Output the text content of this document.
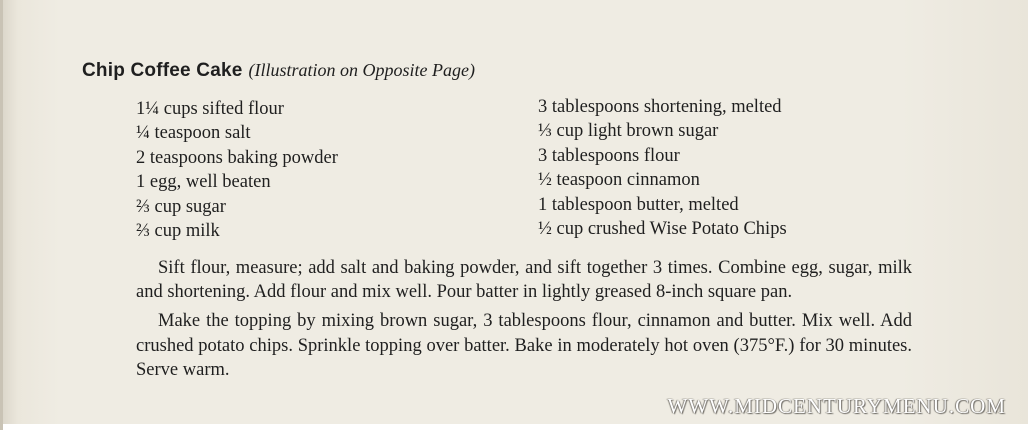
Chip Coffee Cake (Illustration on Opposite Page)
1¼ cups sifted flour
¼ teaspoon salt
2 teaspoons baking powder
1 egg, well beaten
⅔ cup sugar
⅔ cup milk
3 tablespoons shortening, melted
⅓ cup light brown sugar
3 tablespoons flour
½ teaspoon cinnamon
1 tablespoon butter, melted
½ cup crushed Wise Potato Chips

Sift flour, measure; add salt and baking powder, and sift together 3 times. Combine egg, sugar, milk and shortening. Add flour and mix well. Pour batter in lightly greased 8-inch square pan.

Make the topping by mixing brown sugar, 3 tablespoons flour, cinnamon and butter. Mix well. Add crushed potato chips. Sprinkle topping over batter. Bake in moderately hot oven (375°F.) for 30 minutes. Serve warm.

WWW.MIDCENTURYMENU.COM
